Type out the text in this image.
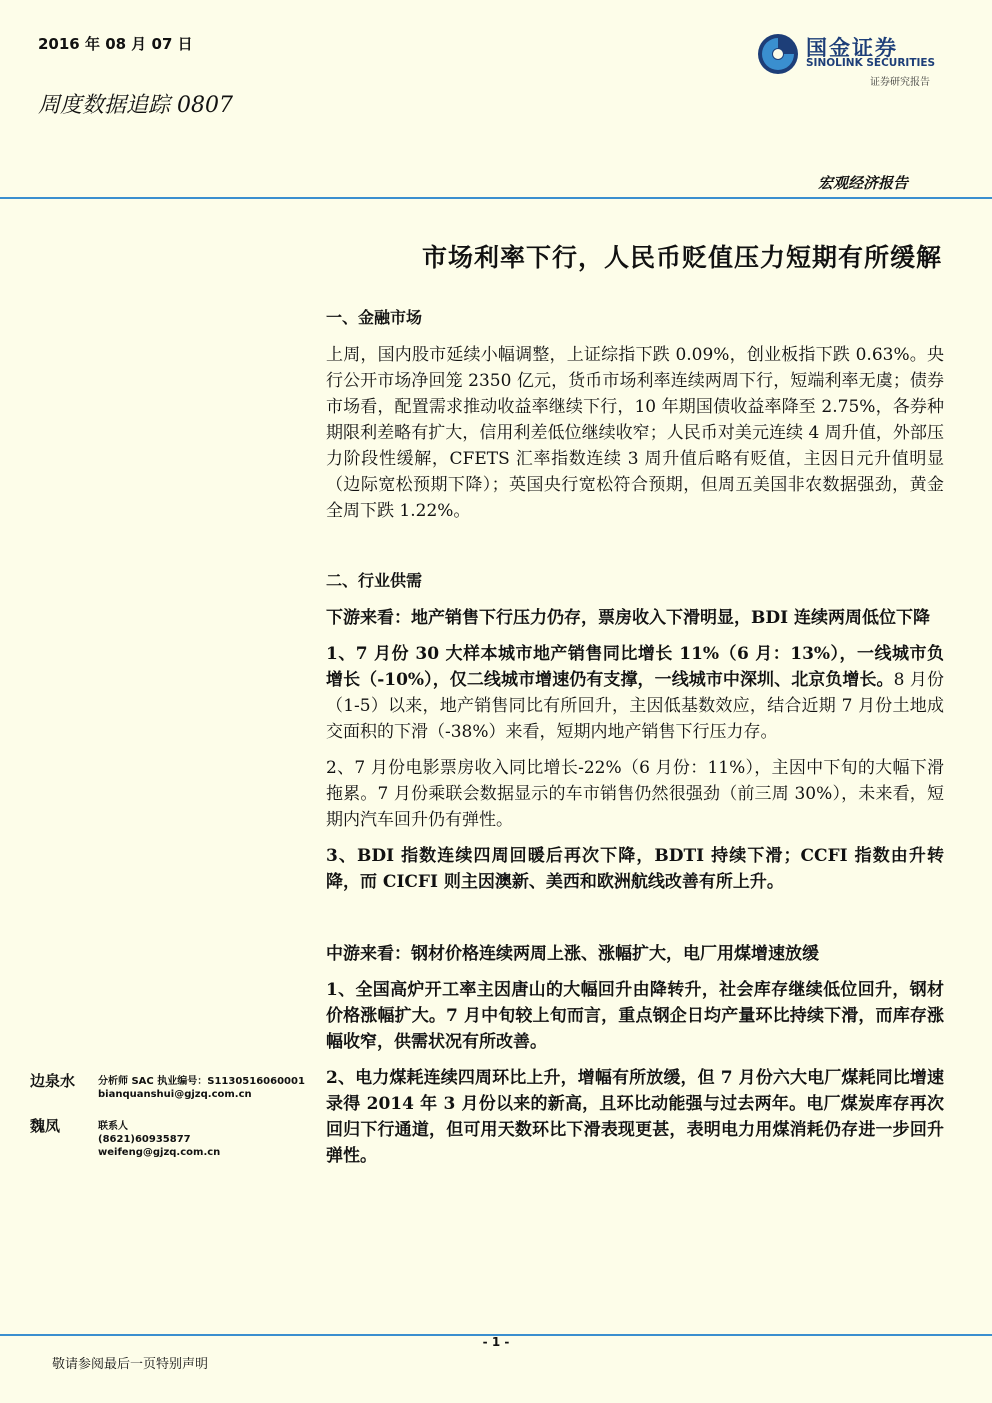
2016 年 08 月 07 日
周度数据追踪 0807
国金证券
SINOLINK SECURITIES
证券研究报告
宏观经济报告
市场利率下行，人民币贬值压力短期有所缓解
一、金融市场

上周，国内股市延续小幅调整，上证综指下跌 0.09%，创业板指下跌 0.63%。央行公开市场净回笼 2350 亿元，货币市场利率连续两周下行，短端利率无虞；债券市场看，配置需求推动收益率继续下行，10 年期国债收益率降至 2.75%，各券种期限利差略有扩大，信用利差低位继续收窄；人民币对美元连续 4 周升值，外部压力阶段性缓解，CFETS 汇率指数连续 3 周升值后略有贬值，主因日元升值明显（边际宽松预期下降）；英国央行宽松符合预期，但周五美国非农数据强劲，黄金全周下跌 1.22%。

二、行业供需

下游来看：地产销售下行压力仍存，票房收入下滑明显，BDI 连续两周低位下降

1、7 月份 30 大样本城市地产销售同比增长 11%（6 月：13%），一线城市负增长（-10%），仅二线城市增速仍有支撑，一线城市中深圳、北京负增长。8 月份（1-5）以来，地产销售同比有所回升，主因低基数效应，结合近期 7 月份土地成交面积的下滑（-38%）来看，短期内地产销售下行压力存。

2、7 月份电影票房收入同比增长-22%（6 月份：11%），主因中下旬的大幅下滑拖累。7 月份乘联会数据显示的车市销售仍然很强劲（前三周 30%），未来看，短期内汽车回升仍有弹性。

3、BDI 指数连续四周回暖后再次下降，BDTI 持续下滑；CCFI 指数由升转降，而 CICFI 则主因澳新、美西和欧洲航线改善有所上升。

中游来看：钢材价格连续两周上涨、涨幅扩大，电厂用煤增速放缓

1、全国高炉开工率主因唐山的大幅回升由降转升，社会库存继续低位回升，钢材价格涨幅扩大。7 月中旬较上旬而言，重点钢企日均产量环比持续下滑，而库存涨幅收窄，供需状况有所改善。

2、电力煤耗连续四周环比上升，增幅有所放缓，但 7 月份六大电厂煤耗同比增速录得 2014 年 3 月份以来的新高，且环比动能强与过去两年。电厂煤炭库存再次回归下行通道，但可用天数环比下滑表现更甚，表明电力用煤消耗仍存进一步回升弹性。

边泉水	分析师 SAC 执业编号：S1130516060001
bianquanshui@gjzq.com.cn
魏凤	联系人
(8621)60935877
weifeng@gjzq.com.cn
- 1 -
敬请参阅最后一页特别声明
